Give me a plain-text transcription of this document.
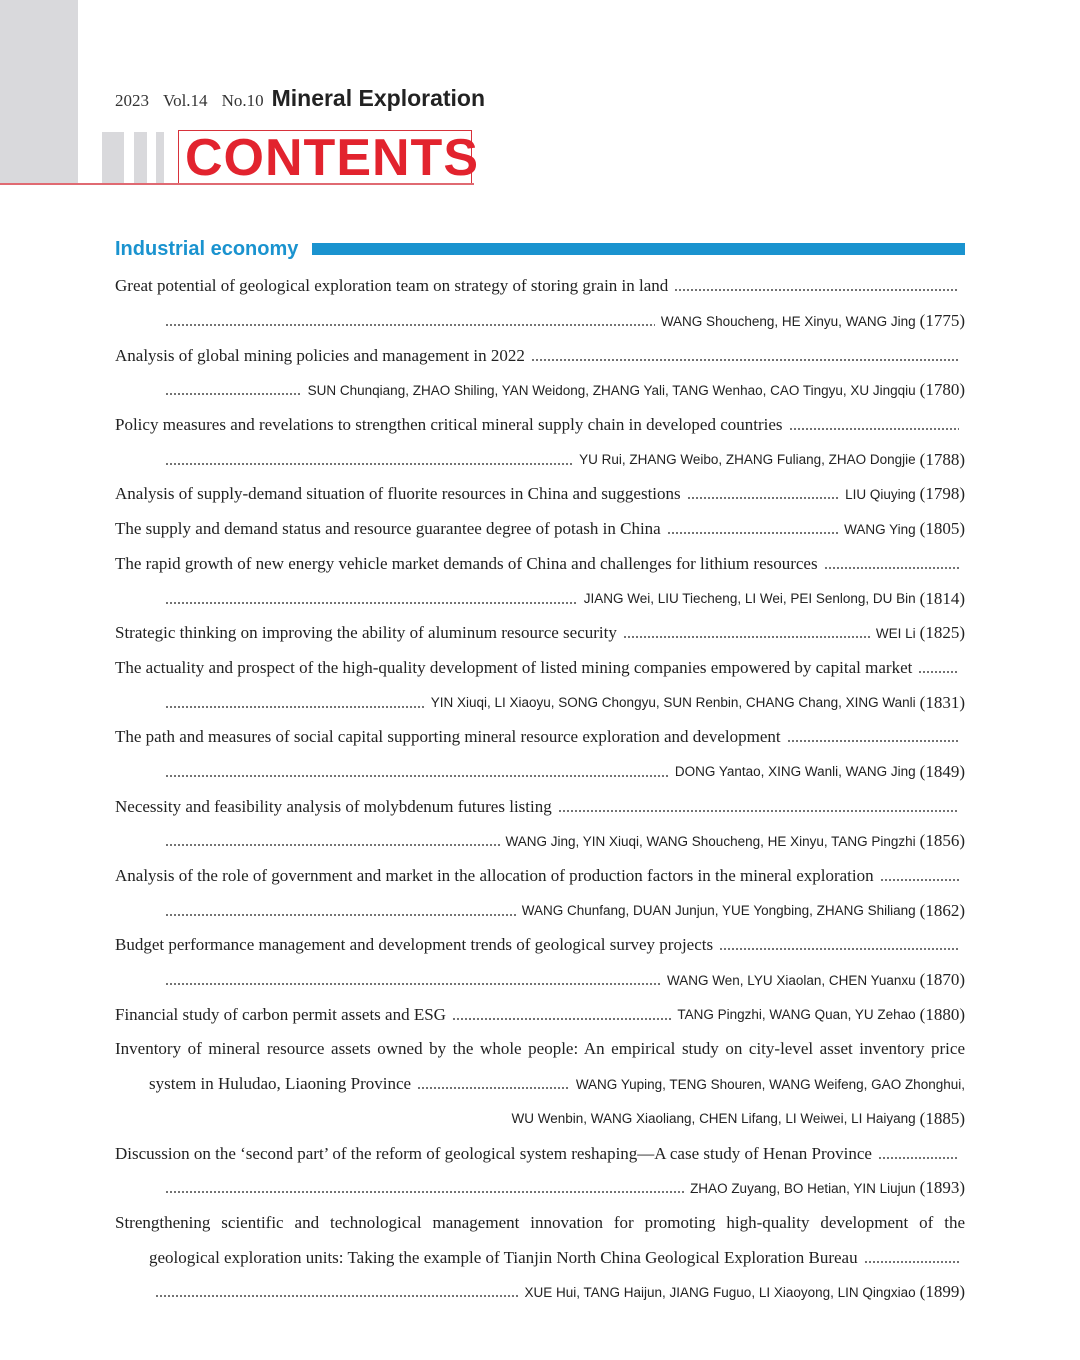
CONTENTS
2023 Vol.14 No.10 Mineral Exploration
Industrial economy
Great potential of geological exploration team on strategy of storing grain in land
WANG Shoucheng, HE Xinyu, WANG Jing (1775)
Analysis of global mining policies and management in 2022
SUN Chunqiang, ZHAO Shiling, YAN Weidong, ZHANG Yali, TANG Wenhao, CAO Tingyu, XU Jingqiu (1780)
Policy measures and revelations to strengthen critical mineral supply chain in developed countries
YU Rui, ZHANG Weibo, ZHANG Fuliang, ZHAO Dongjie (1788)
Analysis of supply-demand situation of fluorite resources in China and suggestions	LIU Qiuying (1798)
The supply and demand status and resource guarantee degree of potash in China	WANG Ying (1805)
The rapid growth of new energy vehicle market demands of China and challenges for lithium resources
JIANG Wei, LIU Tiecheng, LI Wei, PEI Senlong, DU Bin (1814)
Strategic thinking on improving the ability of aluminum resource security	WEI Li (1825)
The actuality and prospect of the high-quality development of listed mining companies empowered by capital market
YIN Xiuqi, LI Xiaoyu, SONG Chongyu, SUN Renbin, CHANG Chang, XING Wanli (1831)
The path and measures of social capital supporting mineral resource exploration and development
DONG Yantao, XING Wanli, WANG Jing (1849)
Necessity and feasibility analysis of molybdenum futures listing
WANG Jing, YIN Xiuqi, WANG Shoucheng, HE Xinyu, TANG Pingzhi (1856)
Analysis of the role of government and market in the allocation of production factors in the mineral exploration
WANG Chunfang, DUAN Junjun, YUE Yongbing, ZHANG Shiliang (1862)
Budget performance management and development trends of geological survey projects
WANG Wen, LYU Xiaolan, CHEN Yuanxu (1870)
Financial study of carbon permit assets and ESG	TANG Pingzhi, WANG Quan, YU Zehao (1880)
Inventory of mineral resource assets owned by the whole people: An empirical study on city-level asset inventory price
system in Huludao, Liaoning Province	WANG Yuping, TENG Shouren, WANG Weifeng, GAO Zhonghui,
WU Wenbin, WANG Xiaoliang, CHEN Lifang, LI Weiwei, LI Haiyang (1885)
Discussion on the ‘second part’ of the reform of geological system reshaping—A case study of Henan Province
ZHAO Zuyang, BO Hetian, YIN Liujun (1893)
Strengthening scientific and technological management innovation for promoting high-quality development of the
geological exploration units: Taking the example of Tianjin North China Geological Exploration Bureau
XUE Hui, TANG Haijun, JIANG Fuguo, LI Xiaoyong, LIN Qingxiao (1899)
